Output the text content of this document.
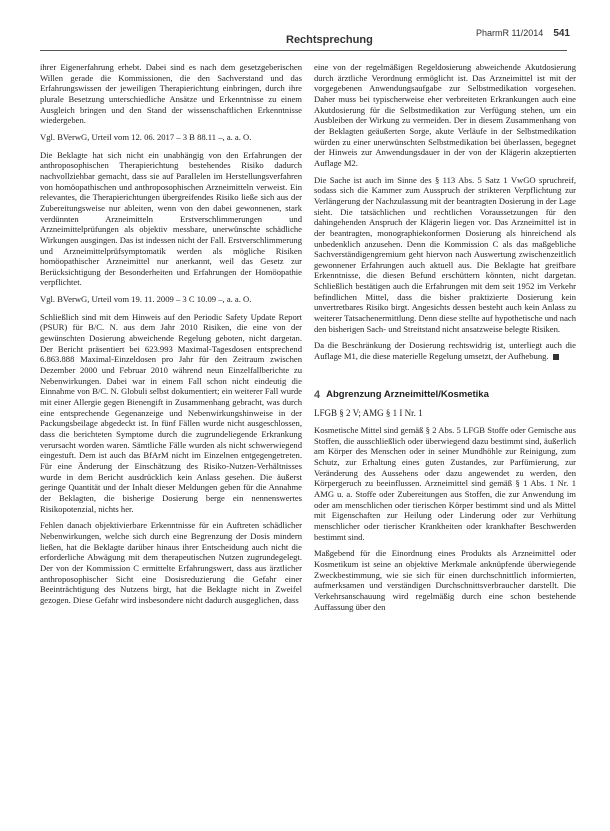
Rechtsprechung
PharmR 11/2014 541

ihrer Eigenerfahrung erhebt. Dabei sind es nach dem gesetzgeberischen Willen gerade die Kommissionen, die den Sachverstand und das Erfahrungswissen der jeweiligen Therapierichtung einbringen, durch ihre plurale Besetzung unterschiedliche Ansätze und Erkenntnisse zu einem Ausgleich bringen und den Stand der wissenschaftlichen Erkenntnisse wiedergeben.

Vgl. BVerwG, Urteil vom 12. 06. 2017 – 3 B 88.11 –, a. a. O.

Die Beklagte hat sich nicht ein unabhängig von den Erfahrungen der anthroposophischen Therapierichtung bestehendes Risiko dadurch nachvollziehbar gemacht, dass sie auf Parallelen im Herstellungsverfahren von homöopathischen und anthroposophischen Arzneimitteln verweist. Ein relevantes, die Therapierichtungen übergreifendes Risiko ließe sich aus der Zubereitungsweise nur ableiten, wenn von den dabei gewonnenen, stark verdünnten Arzneimitteln Erstverschlimmerungen und Arzneimittelprüfungen als objektiv messbare, unerwünschte schädliche Wirkungen ausgingen. Das ist indessen nicht der Fall. Erstverschlimmerung und Arzneimittelprüfsymptomatik werden als mögliche Risiken homöopathischer Arzneimittel nur anerkannt, weil das Gesetz zur Berücksichtigung der Besonderheiten und Erfahrungen der Homöopathie verpflichtet.

Vgl. BVerwG, Urteil vom 19. 11. 2009 – 3 C 10.09 –, a. a. O.

Schließlich sind mit dem Hinweis auf den Periodic Safety Update Report (PSUR) für B/C. N. aus dem Jahr 2010 Risiken, die eine von der gewünschten Dosierung abweichende Regelung geboten, nicht dargetan. Der Bericht präsentiert bei 623.993 Maximal-Tagesdosen entsprechend 6.863.888 Maximal-Einzeldosen pro Jahr für den Zeitraum zwischen Dezember 2000 und Februar 2010 während neun Einzelfallberichte zu Nebenwirkungen. Dabei war in einem Fall schon nicht eindeutig die Einnahme von B/C. N. Globuli selbst dokumentiert; ein weiterer Fall wurde mit einer Allergie gegen Bienengift in Zusammenhang gebracht, was durch eine entsprechende Gegenanzeige und Nebenwirkungshinweise in der Packungsbeilage abgedeckt ist. In fünf Fällen wurde nicht ausgeschlossen, dass die berichteten Symptome durch die zugrundeliegende Erkrankung verursacht worden waren. Sämtliche Fälle wurden als nicht schwerwiegend eingestuft. Dem ist auch das BfArM nicht im Einzelnen entgegengetreten. Für eine Änderung der Einschätzung des Risiko-Nutzen-Verhältnisses wurde in dem Bericht ausdrücklich kein Anlass gesehen. Die äußerst geringe Quantität und der Inhalt dieser Meldungen geben für die Annahme der Beklagten, die bisherige Dosierung berge ein nennenswertes Risikopotenzial, nichts her.

Fehlen danach objektivierbare Erkenntnisse für ein Auftreten schädlicher Nebenwirkungen, welche sich durch eine Begrenzung der Dosis mindern ließen, hat die Beklagte darüber hinaus ihrer Entscheidung auch nicht die erforderliche Abwägung mit dem therapeutischen Nutzen zugrundegelegt. Der von der Kommission C ermittelte Erfahrungswert, dass aus ärztlicher anthroposophischer Sicht eine Dosisreduzierung die Gefahr einer Beeinträchtigung des Nutzens birgt, hat die Beklagte nicht in Zweifel gezogen. Diese Gefahr wird insbesondere nicht dadurch ausgeglichen, dass

eine von der regelmäßigen Regeldosierung abweichende Akutdosierung durch ärztliche Verordnung ermöglicht ist. Das Arzneimittel ist mit der vorgegebenen Anwendungsaufgabe zur Selbstmedikation vorgesehen. Daher muss bei typischerweise eher verbreiteten Erkrankungen auch eine Akutdosierung für die Selbstmedikation zur Verfügung stehen, um ein Ausbleiben der Wirkung zu vermeiden. Der in diesem Zusammenhang von der Beklagten geäußerten Sorge, akute Verläufe in der Selbstmedikation würden zu einer unerwünschten Selbstmedikation bei überlassen, begegnet der Hinweis zur Anwendungsdauer in der von der Klägerin akzeptierten Auflage M2.

Die Sache ist auch im Sinne des § 113 Abs. 5 Satz 1 VwGO spruchreif, sodass sich die Kammer zum Ausspruch der strikteren Verpflichtung zur Verlängerung der Nachzulassung mit der beantragten Dosierung in der Lage sieht. Die tatsächlichen und rechtlichen Voraussetzungen für den dahingehenden Anspruch der Klägerin liegen vor. Das Arzneimittel ist in der beantragten, monographiekonformen Dosierung als hinreichend als unbedenklich anzusehen. Denn die Kommission C als das maßgebliche Sachverständigengremium geht hiervon nach Auswertung zwischenzeitlich gewonnener Erfahrungen auch aktuell aus. Die Beklagte hat greifbare Erkenntnisse, die diesen Befund erschüttern könnten, nicht dargetan. Schließlich bestätigen auch die Erfahrungen mit dem seit 1952 im Verkehr befindlichen Mittel, dass die bisher praktizierte Dosierung kein unvertretbares Risiko birgt. Angesichts dessen besteht auch kein Anlass zu weiterer Tatsachenermittlung. Denn diese stellte auf hypothetische und nach den bisherigen Sach- und Streitstand nicht ansatzweise belegte Risiken.

Da die Beschränkung der Dosierung rechtswidrig ist, unterliegt auch die Auflage M1, die diese materielle Regelung umsetzt, der Aufhebung.

4 Abgrenzung Arzneimittel/Kosmetika

LFGB § 2 V; AMG § 1 I Nr. 1

Kosmetische Mittel sind gemäß § 2 Abs. 5 LFGB Stoffe oder Gemische aus Stoffen, die ausschließlich oder überwiegend dazu bestimmt sind, äußerlich am Körper des Menschen oder in seiner Mundhöhle zur Reinigung, zum Schutz, zur Erhaltung eines guten Zustandes, zur Parfümierung, zur Veränderung des Aussehens oder dazu angewendet zu werden, den Körpergeruch zu beeinflussen. Arzneimittel sind gemäß § 1 Abs. 1 Nr. 1 AMG u. a. Stoffe oder Zubereitungen aus Stoffen, die zur Anwendung im oder am menschlichen oder tierischen Körper bestimmt sind und als Mittel mit Eigenschaften zur Heilung oder Linderung oder zur Verhütung menschlicher oder tierischer Krankheiten oder krankhafter Beschwerden bestimmt sind.

Maßgebend für die Einordnung eines Produkts als Arzneimittel oder Kosmetikum ist seine an objektive Merkmale anknüpfende überwiegende Zweckbestimmung, wie sie sich für einen durchschnittlich informierten, aufmerksamen und verständigen Durchschnittsverbraucher darstellt. Die Verkehrsanschauung wird regelmäßig durch eine schon bestehende Auffassung über den
